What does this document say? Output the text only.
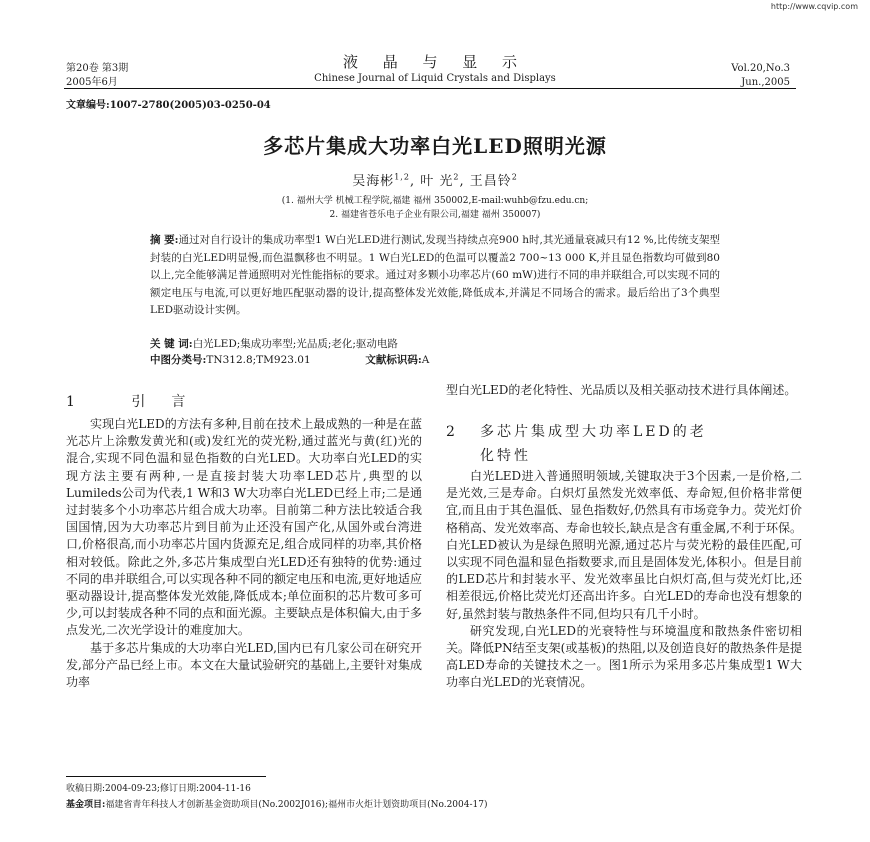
http://www.cqvip.com
第20卷 第3期
2005年6月
液 晶 与 显 示
Chinese Journal of Liquid Crystals and Displays
Vol.20,No.3
Jun.,2005
文章编号:1007-2780(2005)03-0250-04
多芯片集成大功率白光LED照明光源
吴海彬$^{1,2}$, 叶 光$^2$, 王昌铃$^2$
(1. 福州大学 机械工程学院,福建 福州 350002,E-mail:wuhb@fzu.edu.cn;
2. 福建省苍乐电子企业有限公司,福建 福州 350007)
摘 要:通过对自行设计的集成功率型1 W白光LED进行测试,发现当持续点亮900 h时,其光通量衰减只有12 %,比传统支架型封装的白光LED明显慢,而色温飘移也不明显。1 W白光LED的色温可以覆盖2 700~13 000 K,并且显色指数均可做到80以上,完全能够满足普通照明对光性能指标的要求。通过对多颗小功率芯片(60 mW)进行不同的串并联组合,可以实现不同的额定电压与电流,可以更好地匹配驱动器的设计,提高整体发光效能,降低成本,并满足不同场合的需求。最后给出了3个典型LED驱动设计实例。
关 键 词:白光LED;集成功率型;光品质;老化;驱动电路
中图分类号:TN312.8;TM923.01	文献标识码:A
1 引言

实现白光LED的方法有多种,目前在技术上最成熟的一种是在蓝光芯片上涂敷发黄光和(或)发红光的荧光粉,通过蓝光与黄(红)光的混合,实现不同色温和显色指数的白光LED。大功率白光LED的实现方法主要有两种,一是直接封装大功率LED芯片,典型的以Lumileds公司为代表,1 W和3 W大功率白光LED已经上市;二是通过封装多个小功率芯片组合成大功率。目前第二种方法比较适合我国国情,因为大功率芯片到目前为止还没有国产化,从国外或台湾进口,价格很高,而小功率芯片国内货源充足,组合成同样的功率,其价格相对较低。除此之外,多芯片集成型白光LED还有独特的优势:通过不同的串并联组合,可以实现各种不同的额定电压和电流,更好地适应驱动器设计,提高整体发光效能,降低成本;单位面积的芯片数可多可少,可以封装成各种不同的点和面光源。主要缺点是体积偏大,由于多点发光,二次光学设计的难度加大。

基于多芯片集成的大功率白光LED,国内已有几家公司在研究开发,部分产品已经上市。本文在大量试验研究的基础上,主要针对集成功率

型白光LED的老化特性、光品质以及相关驱动技术进行具体阐述。

2 多芯片集成型大功率LED的老
化特性

白光LED进入普通照明领域,关键取决于3个因素,一是价格,二是光效,三是寿命。白炽灯虽然发光效率低、寿命短,但价格非常便宜,而且由于其色温低、显色指数好,仍然具有市场竞争力。荧光灯价格稍高、发光效率高、寿命也较长,缺点是含有重金属,不利于环保。白光LED被认为是绿色照明光源,通过芯片与荧光粉的最佳匹配,可以实现不同色温和显色指数要求,而且是固体发光,体积小。但是目前的LED芯片和封装水平、发光效率虽比白炽灯高,但与荧光灯比,还相差很远,价格比荧光灯还高出许多。白光LED的寿命也没有想象的好,虽然封装与散热条件不同,但均只有几千小时。

研究发现,白光LED的光衰特性与环境温度和散热条件密切相关。降低PN结至支架(或基板)的热阻,以及创造良好的散热条件是提高LED寿命的关键技术之一。图1所示为采用多芯片集成型1 W大功率白光LED的光衰情况。

收稿日期:2004-09-23;修订日期:2004-11-16
基金项目:福建省青年科技人才创新基金资助项目(No.2002J016);福州市火炬计划资助项目(No.2004-17)
